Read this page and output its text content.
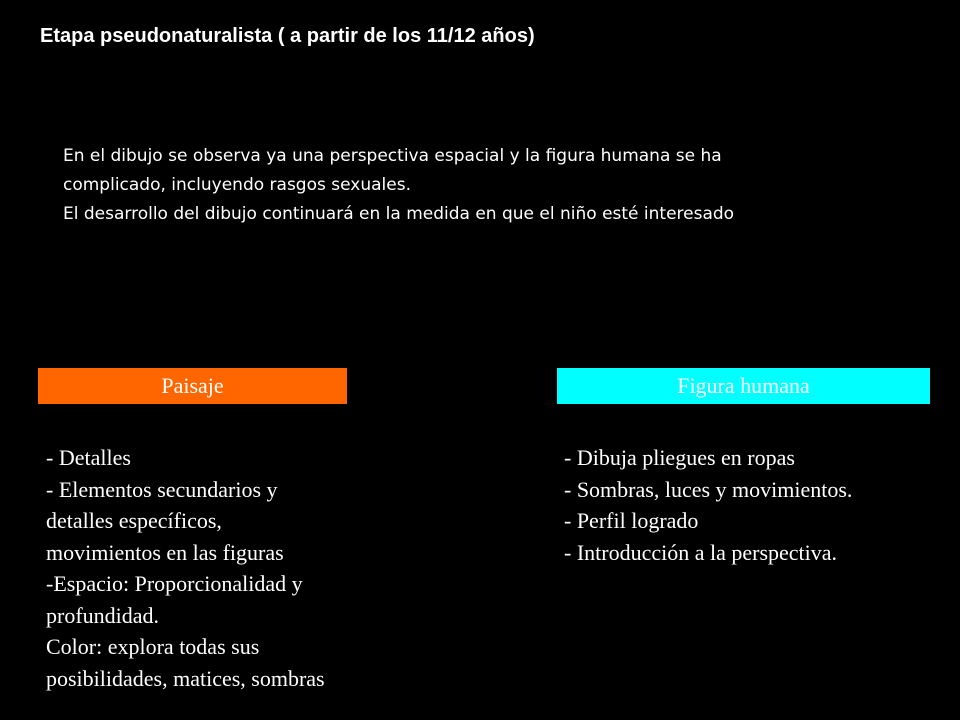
Etapa pseudonaturalista ( a partir de los 11/12 años)
En el dibujo se observa ya una perspectiva espacial y la figura humana se ha
complicado, incluyendo rasgos sexuales.
El desarrollo del dibujo continuará en la medida en que el niño esté interesado
Paisaje	Figura humana
- Detalles
- Elementos secundarios y
detalles específicos,
movimientos en las figuras
-Espacio: Proporcionalidad y
profundidad.
Color: explora todas sus
posibilidades, matices, sombras
- Dibuja pliegues en ropas
- Sombras, luces y movimientos.
- Perfil logrado
- Introducción a la perspectiva.
